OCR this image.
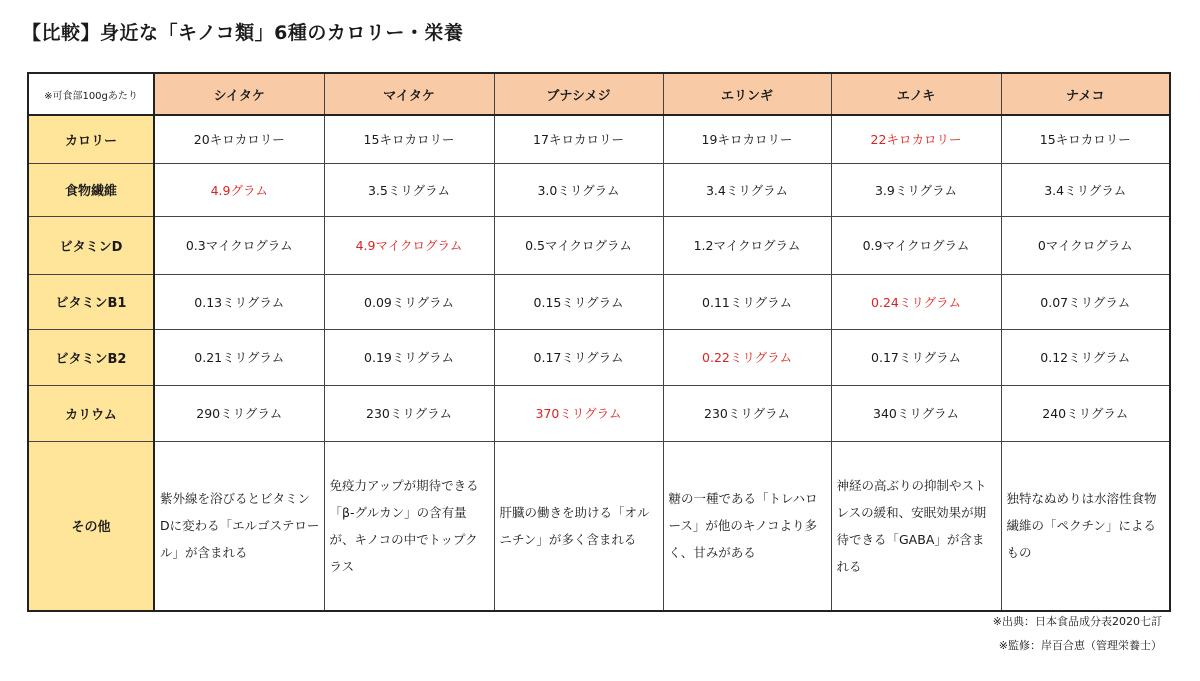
【比較】身近な「キノコ類」6種のカロリー・栄養
※可食部100gあたり	シイタケ	マイタケ	ブナシメジ	エリンギ	エノキ	ナメコ
カロリー	20キロカロリー	15キロカロリー	17キロカロリー	19キロカロリー	22キロカロリー	15キロカロリー
食物繊維	4.9グラム	3.5ミリグラム	3.0ミリグラム	3.4ミリグラム	3.9ミリグラム	3.4ミリグラム
ビタミンD	0.3マイクログラム	4.9マイクログラム	0.5マイクログラム	1.2マイクログラム	0.9マイクログラム	0マイクログラム
ビタミンB1	0.13ミリグラム	0.09ミリグラム	0.15ミリグラム	0.11ミリグラム	0.24ミリグラム	0.07ミリグラム
ビタミンB2	0.21ミリグラム	0.19ミリグラム	0.17ミリグラム	0.22ミリグラム	0.17ミリグラム	0.12ミリグラム
カリウム	290ミリグラム	230ミリグラム	370ミリグラム	230ミリグラム	340ミリグラム	240ミリグラム
その他	紫外線を浴びるとビタミンDに変わる「エルゴステロール」が含まれる	免疫力アップが期待できる「β-グルカン」の含有量が、キノコの中でトップクラス	肝臓の働きを助ける「オルニチン」が多く含まれる	糖の一種である「トレハロース」が他のキノコより多く、甘みがある	神経の高ぶりの抑制やストレスの緩和、安眠効果が期待できる「GABA」が含まれる	独特なぬめりは水溶性食物繊維の「ペクチン」によるもの
※出典：日本食品成分表2020七訂
※監修：岸百合恵（管理栄養士）
